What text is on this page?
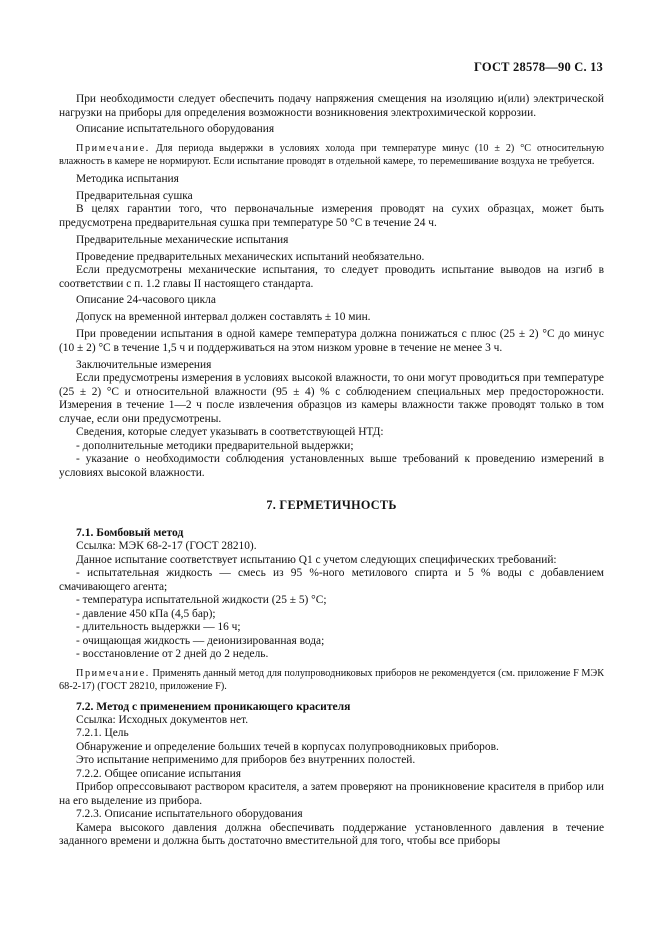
ГОСТ 28578—90 С. 13

При необходимости следует обеспечить подачу напряжения смещения на изоляцию и(или) электрической нагрузки на приборы для определения возможности возникновения электрохимической коррозии.

Описание испытательного оборудования

Примечание. Для периода выдержки в условиях холода при температуре минус (10 ± 2) °С относительную влажность в камере не нормируют. Если испытание проводят в отдельной камере, то перемешивание воздуха не требуется.

Методика испытания

Предварительная сушка

В целях гарантии того, что первоначальные измерения проводят на сухих образцах, может быть предусмотрена предварительная сушка при температуре 50 °С в течение 24 ч.

Предварительные механические испытания

Проведение предварительных механических испытаний необязательно.

Если предусмотрены механические испытания, то следует проводить испытание выводов на изгиб в соответствии с п. 1.2 главы II настоящего стандарта.

Описание 24-часового цикла

Допуск на временной интервал должен составлять ± 10 мин.

При проведении испытания в одной камере температура должна понижаться с плюс (25 ± 2) °С до минус (10 ± 2) °С в течение 1,5 ч и поддерживаться на этом низком уровне в течение не менее 3 ч.

Заключительные измерения

Если предусмотрены измерения в условиях высокой влажности, то они могут проводиться при температуре (25 ± 2) °С и относительной влажности (95 ± 4) % с соблюдением специальных мер предосторожности. Измерения в течение 1—2 ч после извлечения образцов из камеры влажности также проводят только в том случае, если они предусмотрены.

Сведения, которые следует указывать в соответствующей НТД:

- дополнительные методики предварительной выдержки;

- указание о необходимости соблюдения установленных выше требований к проведению измерений в условиях высокой влажности.

7. ГЕРМЕТИЧНОСТЬ
7.1. Бомбовый метод

Ссылка: МЭК 68-2-17 (ГОСТ 28210).

Данное испытание соответствует испытанию Q1 с учетом следующих специфических требований:

- испытательная жидкость — смесь из 95 %-ного метилового спирта и 5 % воды с добавлением смачивающего агента;

- температура испытательной жидкости (25 ± 5) °С;

- давление 450 кПа (4,5 бар);

- длительность выдержки — 16 ч;

- очищающая жидкость — деионизированная вода;

- восстановление от 2 дней до 2 недель.

Примечание. Применять данный метод для полупроводниковых приборов не рекомендуется (см. приложение F МЭК 68-2-17) (ГОСТ 28210, приложение F).

7.2. Метод с применением проникающего красителя

Ссылка: Исходных документов нет.

7.2.1. Цель

Обнаружение и определение больших течей в корпусах полупроводниковых приборов.

Это испытание неприменимо для приборов без внутренних полостей.

7.2.2. Общее описание испытания

Прибор опрессовывают раствором красителя, а затем проверяют на проникновение красителя в прибор или на его выделение из прибора.

7.2.3. Описание испытательного оборудования

Камера высокого давления должна обеспечивать поддержание установленного давления в течение заданного времени и должна быть достаточно вместительной для того, чтобы все приборы
